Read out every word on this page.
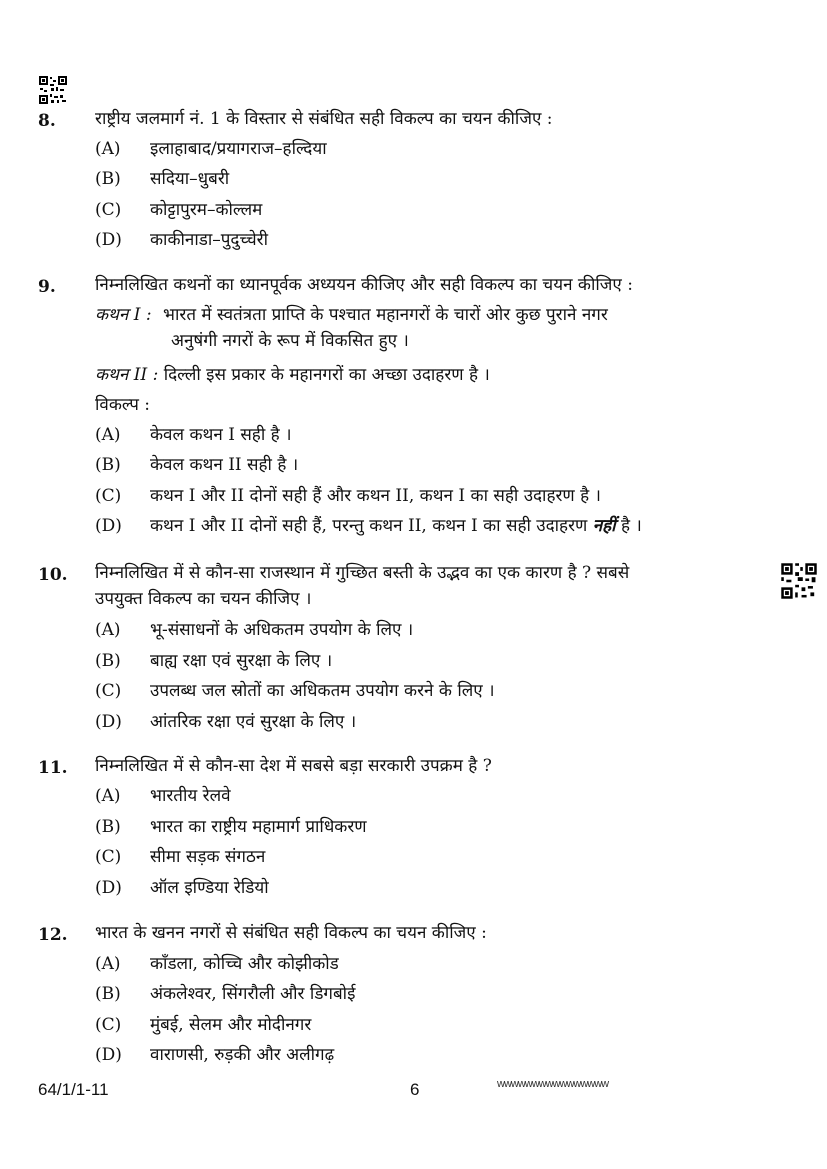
8. राष्ट्रीय जलमार्ग नं. 1 के विस्तार से संबंधित सही विकल्प का चयन कीजिए :
(A) इलाहाबाद/प्रयागराज–हल्दिया
(B) सदिया–धुबरी
(C) कोट्टापुरम–कोल्लम
(D) काकीनाडा–पुदुच्चेरी
9. निम्नलिखित कथनों का ध्यानपूर्वक अध्ययन कीजिए और सही विकल्प का चयन कीजिए :
कथन I : भारत में स्वतंत्रता प्राप्ति के पश्चात महानगरों के चारों ओर कुछ पुराने नगर
अनुषंगी नगरों के रूप में विकसित हुए ।
कथन II : दिल्ली इस प्रकार के महानगरों का अच्छा उदाहरण है ।
विकल्प :
(A) केवल कथन I सही है ।
(B) केवल कथन II सही है ।
(C) कथन I और II दोनों सही हैं और कथन II, कथन I का सही उदाहरण है ।
(D) कथन I और II दोनों सही हैं, परन्तु कथन II, कथन I का सही उदाहरण नहीं है ।
10. निम्नलिखित में से कौन-सा राजस्थान में गुच्छित बस्ती के उद्भव का एक कारण है ? सबसे
उपयुक्त विकल्प का चयन कीजिए ।
(A) भू-संसाधनों के अधिकतम उपयोग के लिए ।
(B) बाह्य रक्षा एवं सुरक्षा के लिए ।
(C) उपलब्ध जल स्रोतों का अधिकतम उपयोग करने के लिए ।
(D) आंतरिक रक्षा एवं सुरक्षा के लिए ।
11. निम्नलिखित में से कौन-सा देश में सबसे बड़ा सरकारी उपक्रम है ?
(A) भारतीय रेलवे
(B) भारत का राष्ट्रीय महामार्ग प्राधिकरण
(C) सीमा सड़क संगठन
(D) ऑल इण्डिया रेडियो
12. भारत के खनन नगरों से संबंधित सही विकल्प का चयन कीजिए :
(A) काँडला, कोच्चि और कोझीकोड
(B) अंकलेश्वर, सिंगरौली और डिगबोई
(C) मुंबई, सेलम और मोदीनगर
(D) वाराणसी, रुड़की और अलीगढ़
64/1/1-11	6	wwwwwwwwwwwwwwww
